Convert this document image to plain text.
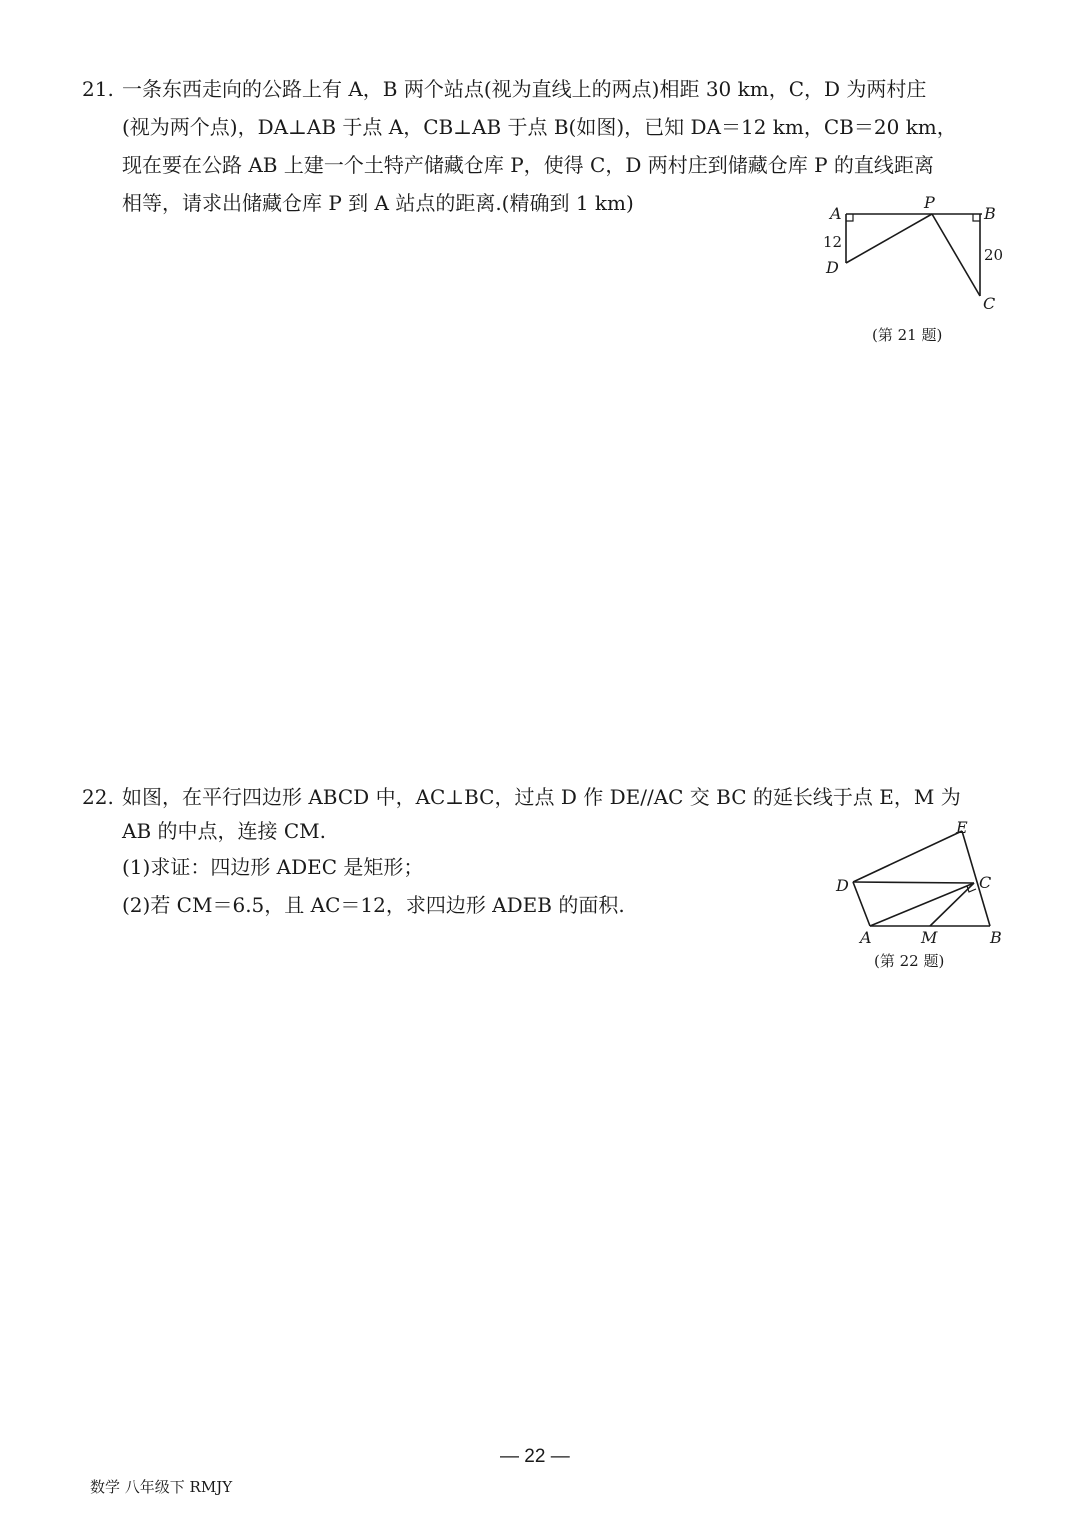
21. 一条东西走向的公路上有 A，B 两个站点(视为直线上的两点)相距 30 km，C，D 为两村庄
(视为两个点)，DA⊥AB 于点 A，CB⊥AB 于点 B(如图)，已知 DA＝12 km，CB＝20 km，
现在要在公路 AB 上建一个土特产储藏仓库 P，使得 C，D 两村庄到储藏仓库 P 的直线距离
相等，请求出储藏仓库 P 到 A 站点的距离.(精确到 1 km)	A
P
B
D
C
12
20
(第 21 题)
22. 如图，在平行四边形 ABCD 中，AC⊥BC，过点 D 作 DE//AC 交 BC 的延长线于点 E，M 为
AB 的中点，连接 CM.
(1)求证：四边形 ADEC 是矩形；
(2)若 CM＝6.5，且 AC＝12，求四边形 ADEB 的面积.
E
D	C
A	M	B
(第 22 题)
— 22 —
数学 八年级下 RMJY
